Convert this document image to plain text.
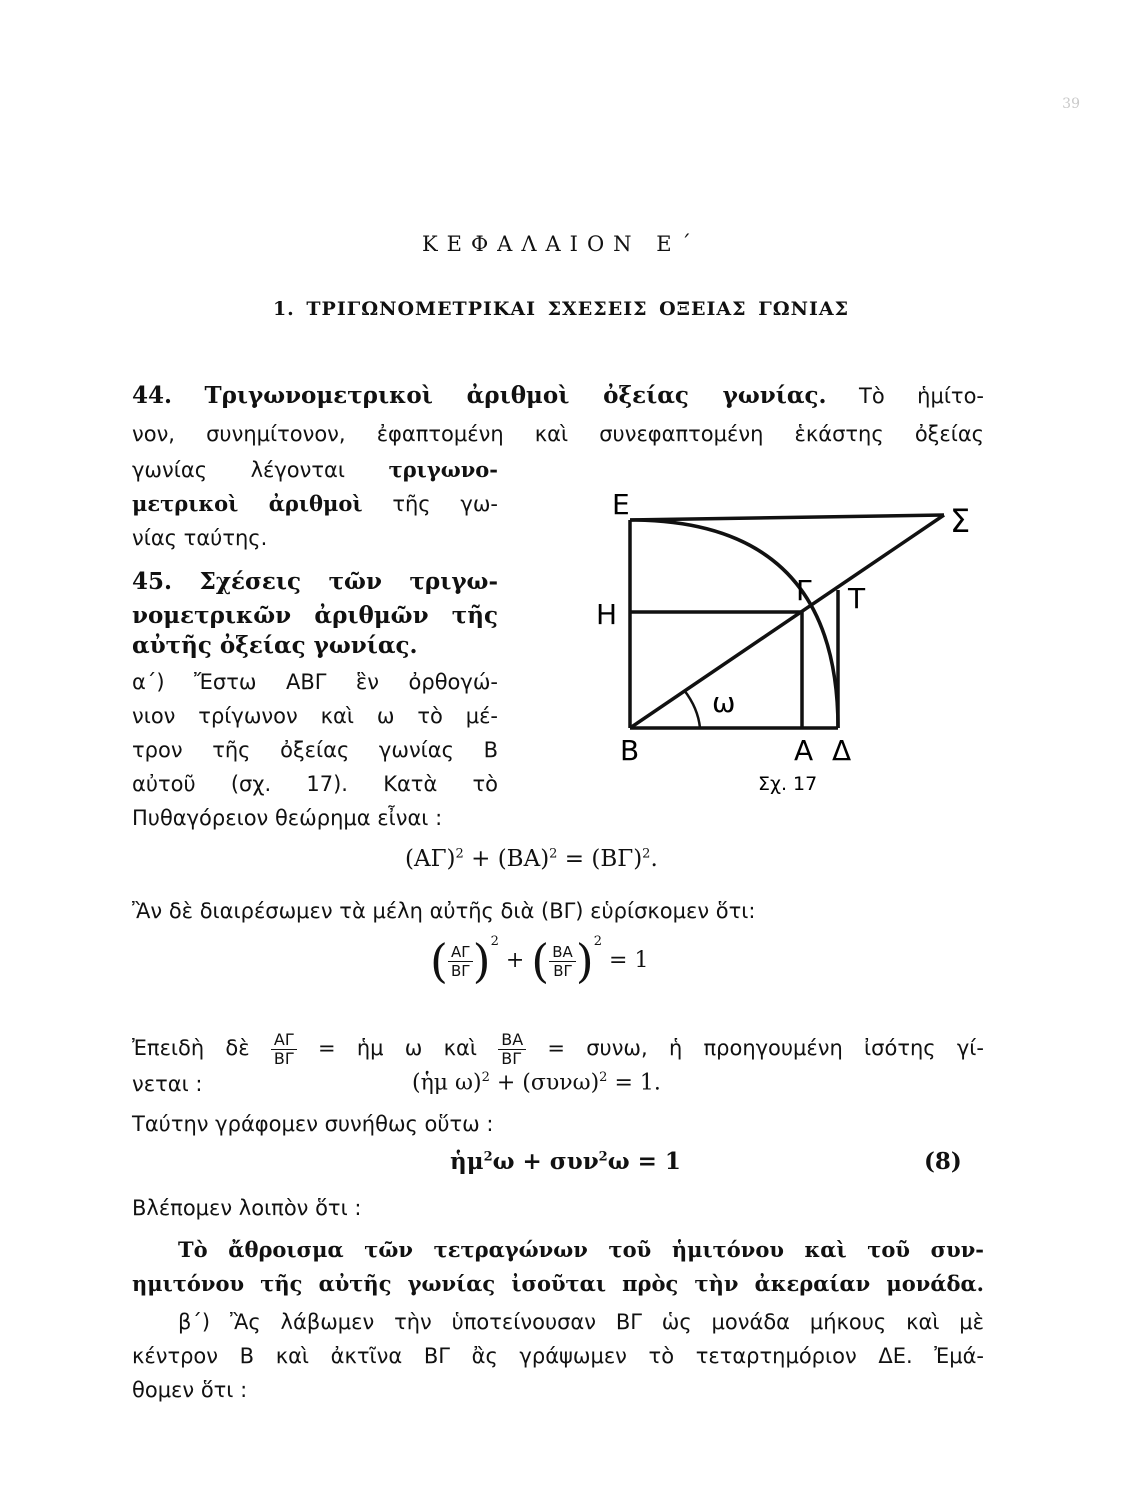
39
ΚΕΦΑΛΑΙΟΝ Ε΄
1. ΤΡΙΓΩΝΟΜΕΤΡΙΚΑΙ ΣΧΕΣΕΙΣ ΟΞΕΙΑΣ ΓΩΝΙΑΣ
44. Τριγωνομετρικοὶ ἀριθμοὶ ὀξείας γωνίας. Τὸ ἡμίτο-
νον, συνημίτονον, ἐφαπτομένη καὶ συνεφαπτομένη ἑκάστης ὀξείας
γωνίας λέγονται τριγωνο-
μετρικοὶ ἀριθμοὶ τῆς γω-
νίας ταύτης.
45. Σχέσεις τῶν τριγω-
νομετρικῶν ἀριθμῶν τῆς
αὐτῆς ὀξείας γωνίας.
α΄) Ἔστω ΑΒΓ ἓν ὀρθογώ-
νιον τρίγωνον καὶ ω τὸ μέ-
τρον τῆς ὀξείας γωνίας Β
αὐτοῦ (σχ. 17). Κατὰ τὸ
Πυθαγόρειον θεώρημα εἶναι :
Ε	Σ
Γ Τ
Η
ω
Β	Α Δ
Σχ. 17
$(A\Gamma)^2 + (BA)^2 = (B\Gamma)^2$.
Ἂν δὲ διαιρέσωμεν τὰ μέλη αὐτῆς διὰ (ΒΓ) εὑρίσκομεν ὅτι:
( $\frac{A\Gamma}{B\Gamma} )^2$ + ( $\frac{BA}{B\Gamma} )^2 = 1$
Ἐπειδὴ δὲ $\frac{A\Gamma}{B\Gamma}$ = ἡμ ω καὶ $\frac{BA}{B\Gamma} = \sigma\upsilon\nu\omega$, ἡ προηγουμένη ἰσότης γί-
νεται :	(ἡμ $\omega)^2 + (\sigma\upsilon\nu\omega)^2 = 1$.
Ταύτην γράφομεν συνήθως οὕτω :
ἡμ$^2$ω + συν$^2$ω = 1	(8)
Βλέπομεν λοιπὸν ὅτι :
Τὸ ἄθροισμα τῶν τετραγώνων τοῦ ἡμιτόνου καὶ τοῦ συν-
ημιτόνου τῆς αὐτῆς γωνίας ἰσοῦται πρὸς τὴν ἀκεραίαν μονάδα.
β΄) Ἂς λάβωμεν τὴν ὑποτείνουσαν ΒΓ ὡς μονάδα μήκους καὶ μὲ
κέντρον Β καὶ ἀκτῖνα ΒΓ ἂς γράψωμεν τὸ τεταρτημόριον ΔΕ. Ἐμά-
θομεν ὅτι :
